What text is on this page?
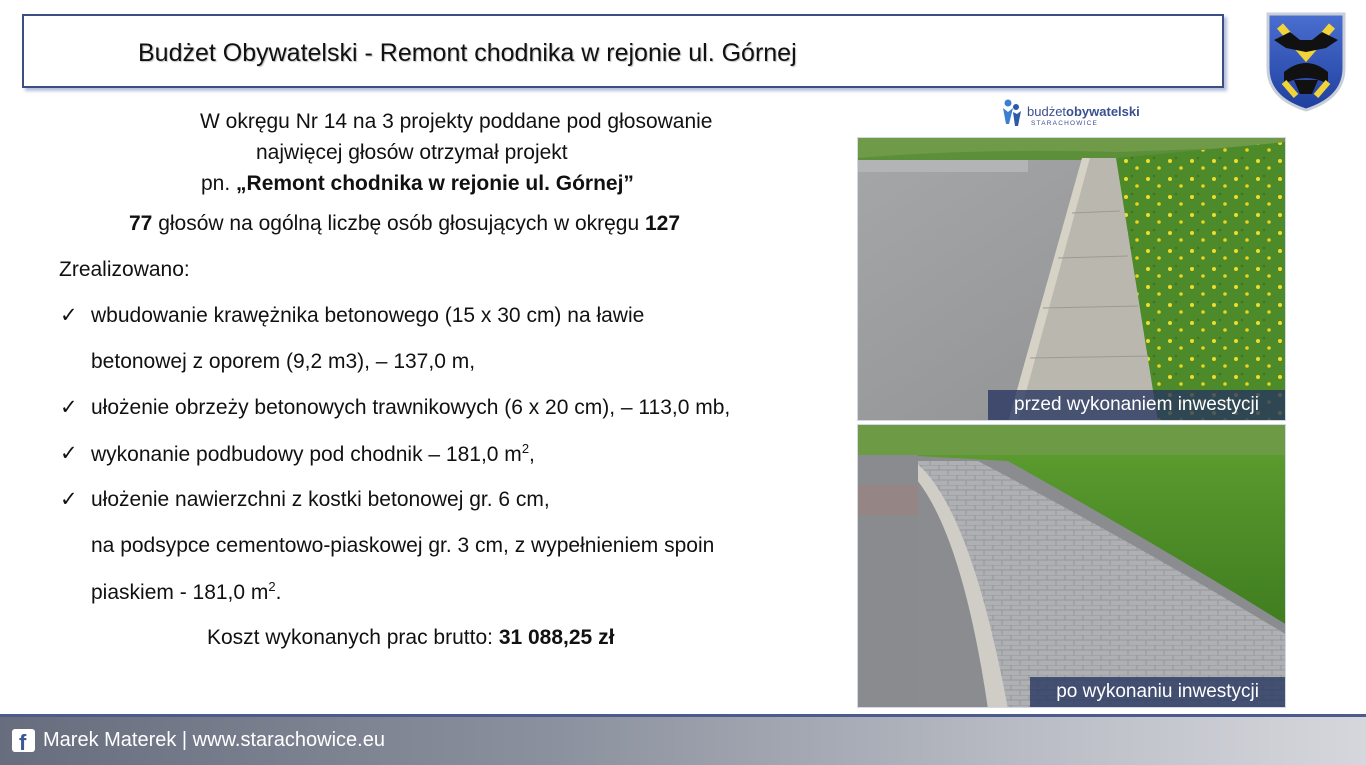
Budżet Obywatelski - Remont chodnika w rejonie ul. Górnej
budżetobywatelski
STARACHOWICE
W okręgu Nr 14 na 3 projekty poddane pod głosowanie
najwięcej głosów otrzymał projekt
pn. „Remont chodnika w rejonie ul. Górnej”
77 głosów na ogólną liczbę osób głosujących w okręgu 127
Zrealizowano:
✓ wbudowanie krawężnika betonowego (15 x 30 cm) na ławie
betonowej z oporem (9,2 m3), – 137,0 m,
✓ ułożenie obrzeży betonowych trawnikowych (6 x 20 cm), – 113,0 mb,
✓ wykonanie podbudowy pod chodnik – 181,0 $m^2$,
✓ ułożenie nawierzchni z kostki betonowej gr. 6 cm,
na podsypce cementowo-piaskowej gr. 3 cm, z wypełnieniem spoin
piaskiem - 181,0 $m^2$.
Koszt wykonanych prac brutto: 31 088,25 zł
przed wykonaniem inwestycji
po wykonaniu inwestycji
f Marek Materek | www.starachowice.eu
